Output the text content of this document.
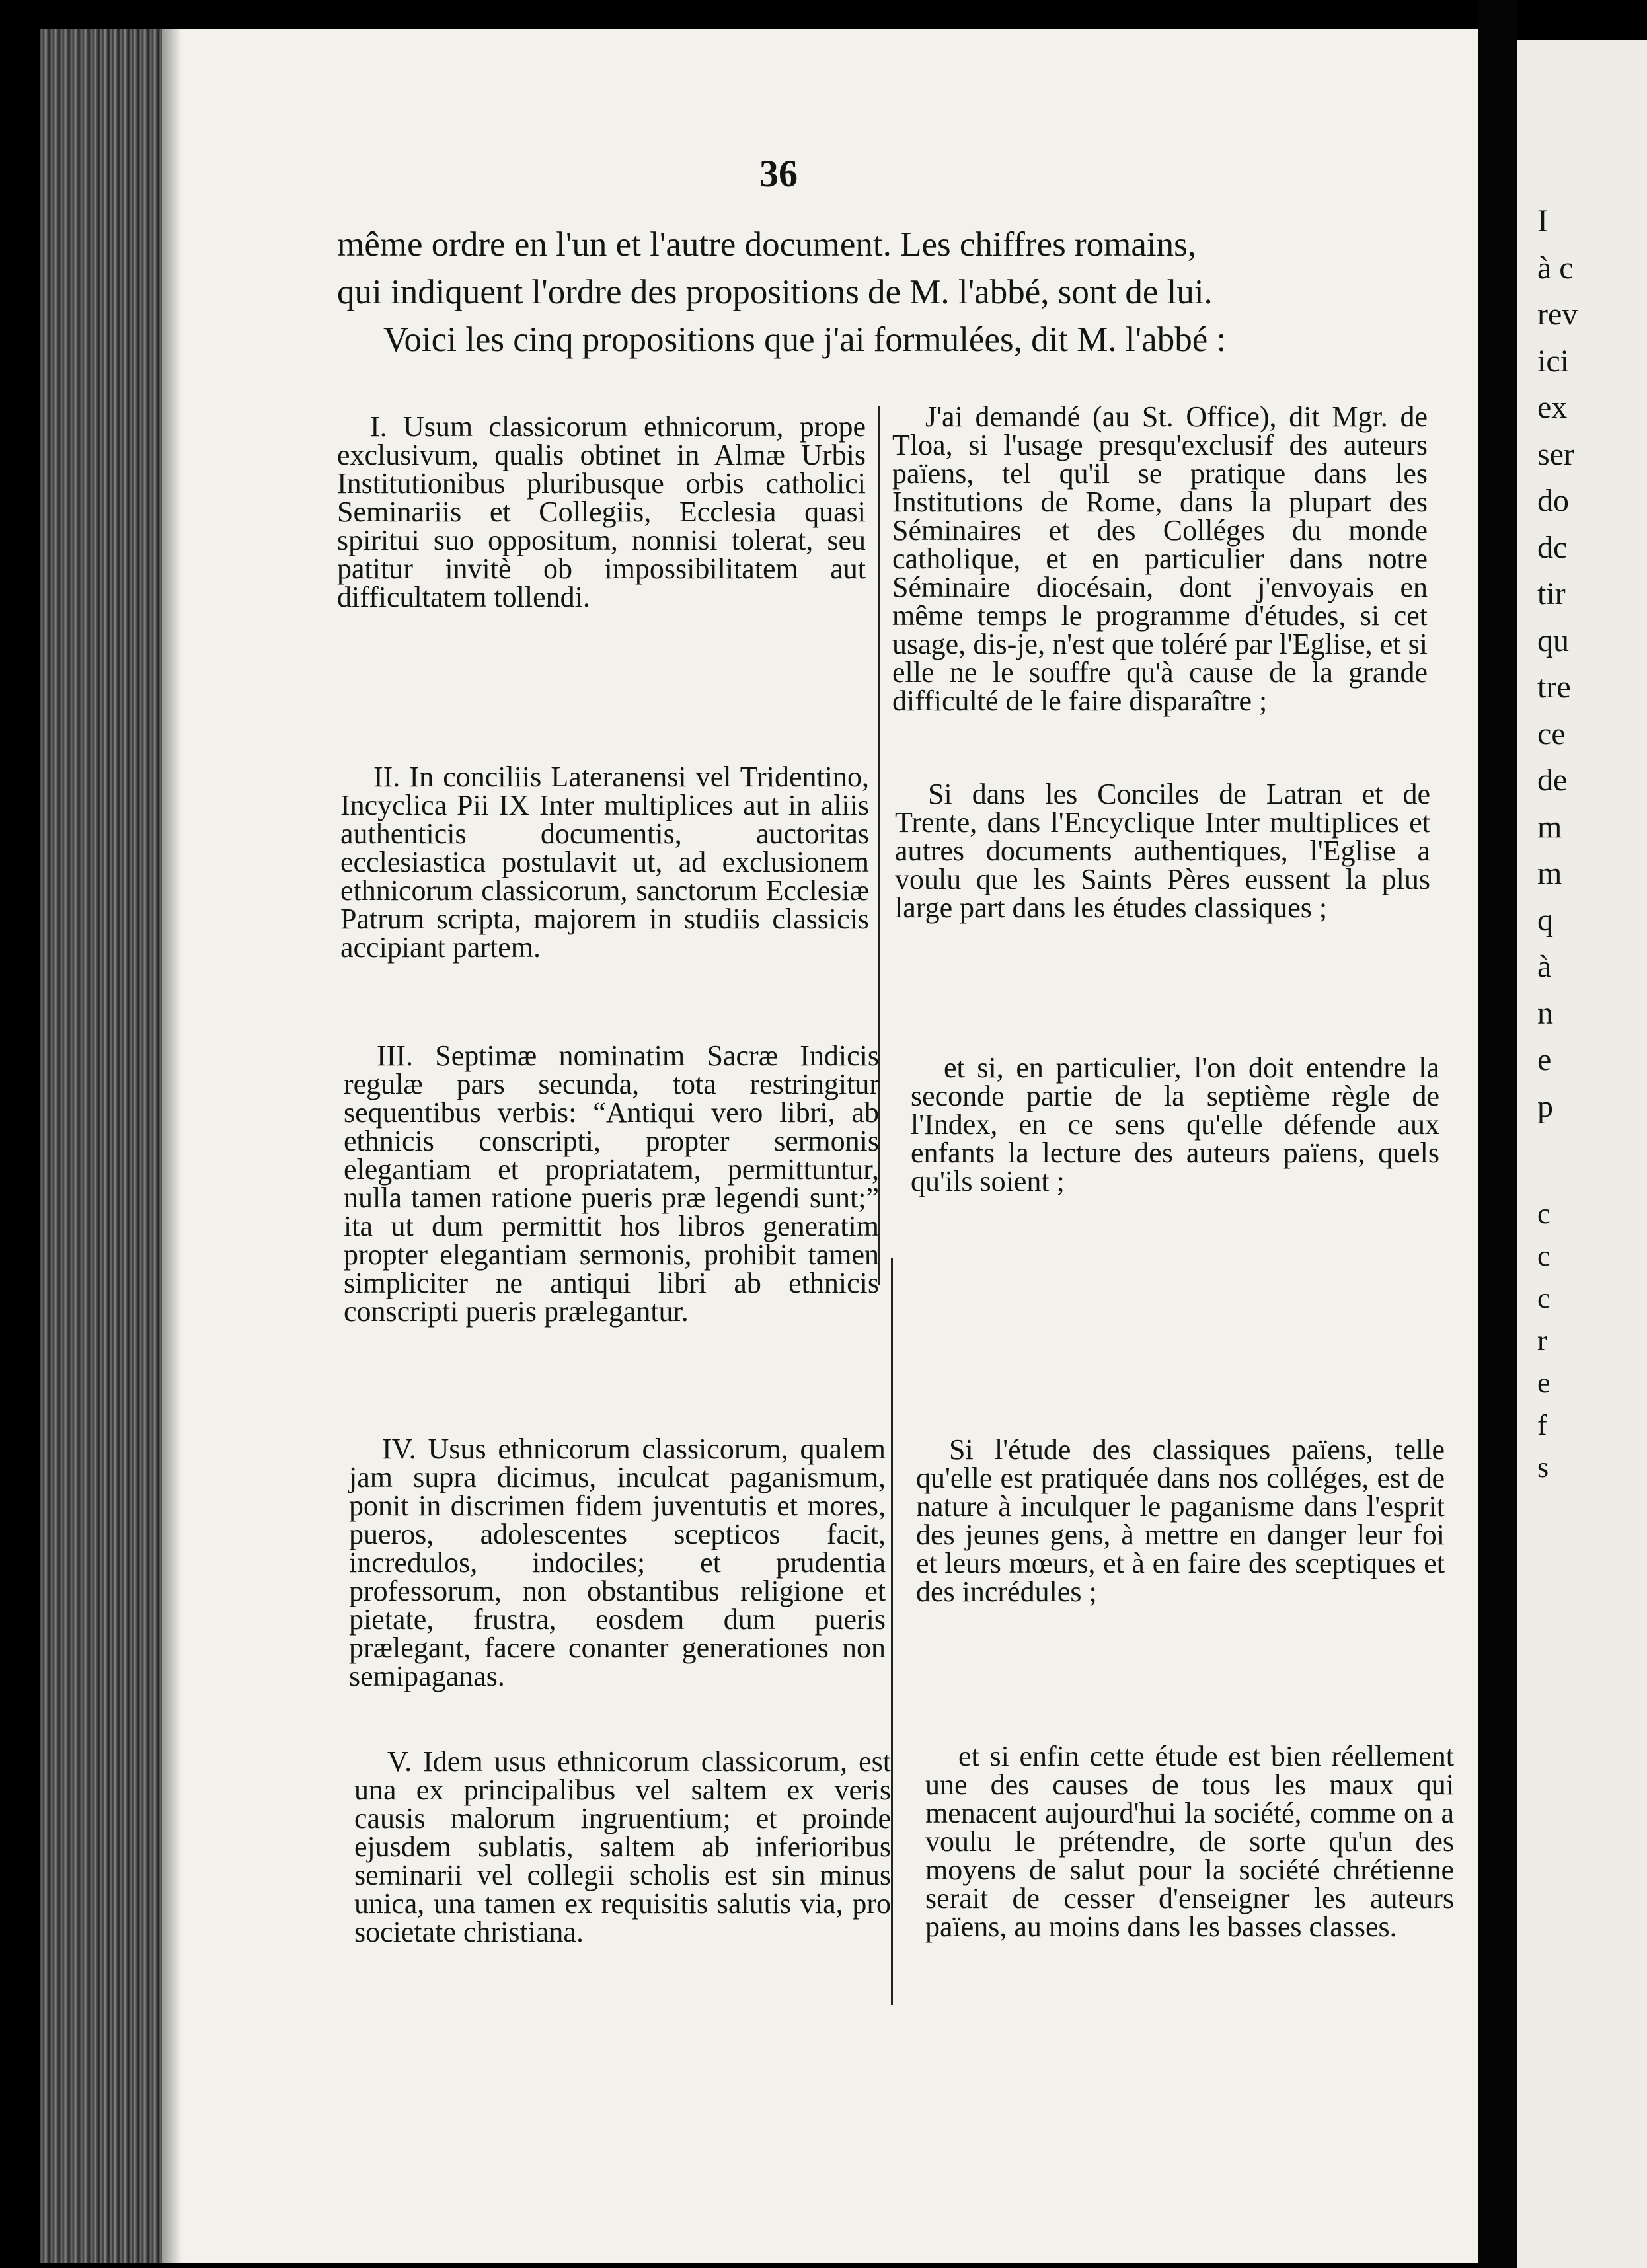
36
même ordre en l'un et l'autre document. Les chiffres romains,
qui indiquent l'ordre des propositions de M. l'abbé, sont de lui.
Voici les cinq propositions que j'ai formulées, dit M. l'abbé :

I. Usum classicorum ethnicorum, prope exclusivum, qualis obtinet in Almæ Urbis Institutionibus pluribusque orbis catholici Seminariis et Collegiis, Ecclesia quasi spiritui suo oppositum, nonnisi tolerat, seu patitur invitè ob impossibilitatem aut difficultatem tollendi.

II. In conciliis Lateranensi vel Tridentino, Incyclica Pii IX Inter multiplices aut in aliis authenticis documentis, auctoritas ecclesiastica postulavit ut, ad exclusionem ethnicorum classicorum, sanctorum Ecclesiæ Patrum scripta, majorem in studiis classicis accipiant partem.

III. Septimæ nominatim Sacræ Indicis regulæ pars secunda, tota restringitur sequentibus verbis: “Antiqui vero libri, ab ethnicis conscripti, propter sermonis elegantiam et propriatatem, permittuntur, nulla tamen ratione pueris præ legendi sunt;” ita ut dum permittit hos libros generatim propter elegantiam sermonis, prohibit tamen simpliciter ne antiqui libri ab ethnicis conscripti pueris prælegantur.

IV. Usus ethnicorum classicorum, qualem jam supra dicimus, inculcat paganismum, ponit in discrimen fidem juventutis et mores, pueros, adolescentes scepticos facit, incredulos, indociles; et prudentia professorum, non obstantibus religione et pietate, frustra, eosdem dum pueris prælegant, facere conanter generationes non semipaganas.

V. Idem usus ethnicorum classicorum, est una ex principalibus vel saltem ex veris causis malorum ingruentium; et proinde ejusdem sublatis, saltem ab inferioribus seminarii vel collegii scholis est sin minus unica, una tamen ex requisitis salutis via, pro societate christiana.

J'ai demandé (au St. Office), dit Mgr. de Tloa, si l'usage presqu'exclusif des auteurs païens, tel qu'il se pratique dans les Institutions de Rome, dans la plupart des Séminaires et des Colléges du monde catholique, et en particulier dans notre Séminaire diocésain, dont j'envoyais en même temps le programme d'études, si cet usage, dis-je, n'est que toléré par l'Eglise, et si elle ne le souffre qu'à cause de la grande difficulté de le faire disparaître ;

Si dans les Conciles de Latran et de Trente, dans l'Encyclique Inter multiplices et autres documents authentiques, l'Eglise a voulu que les Saints Pères eussent la plus large part dans les études classiques ;

et si, en particulier, l'on doit entendre la seconde partie de la septième règle de l'Index, en ce sens qu'elle défende aux enfants la lecture des auteurs païens, quels qu'ils soient ;

Si l'étude des classiques païens, telle qu'elle est pratiquée dans nos colléges, est de nature à inculquer le paganisme dans l'esprit des jeunes gens, à mettre en danger leur foi et leurs mœurs, et à en faire des sceptiques et des incrédules ;

et si enfin cette étude est bien réellement une des causes de tous les maux qui menacent aujourd'hui la société, comme on a voulu le prétendre, de sorte qu'un des moyens de salut pour la société chrétienne serait de cesser d'enseigner les auteurs païens, au moins dans les basses classes.

I
à c
rev
ici
ex
ser
do
dc
tir
qu
tre
ce
de
m
m
q
à
n
e
p
c
c
c
r
e
f
s
